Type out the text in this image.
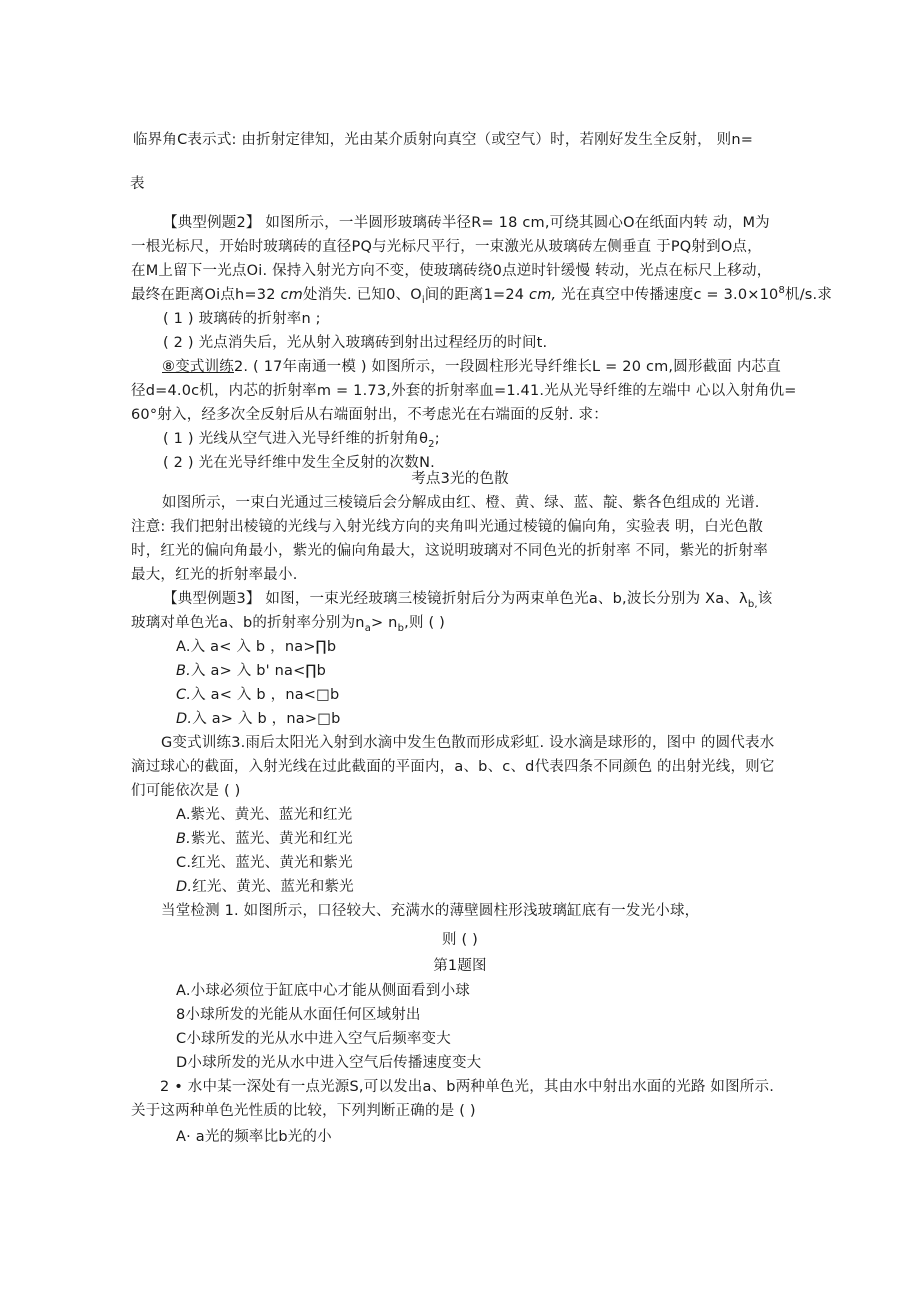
临界角C表示式: 由折射定律知，光由某介质射向真空（或空气）时，若刚好发生全反射， 则n=
表
【典型例题2】 如图所示，一半圆形玻璃砖半径R= 18 cm,可绕其圆心O在纸面内转 动，M为
一根光标尺，开始时玻璃砖的直径PQ与光标尺平行，一束激光从玻璃砖左侧垂直 于PQ射到O点，
在M上留下一光点Oi. 保持入射光方向不变，使玻璃砖绕0点逆时针缓慢 转动，光点在标尺上移动，
最终在距离Oi点h=32 cm处消失. 已知0、$O_i$间的距离1=24 cm, 光在真空中传播速度$c = 3.0\times 10^8$机/s.求
( 1 ) 玻璃砖的折射率n ;
( 2 ) 光点消失后，光从射入玻璃砖到射出过程经历的时间t.
⑧变式训练2. ( 17年南通一模 ) 如图所示，一段圆柱形光导纤维长L = 20 cm,圆形截面 内芯直
径d=4.0c机，内芯的折射率m = 1.73,外套的折射率血=1.41.光从光导纤维的左端中 心以入射角仇=
60°射入，经多次全反射后从右端面射出，不考虑光在右端面的反射. 求：
( 1 ) 光线从空气进入光导纤维的折射角$\theta_2$;
( 2 ) 光在光导纤维中发生全反射的次数N.
考点3光的色散
如图所示，一束白光通过三棱镜后会分解成由红、橙、黄、绿、蓝、靛、紫各色组成的 光谱.
注意: 我们把射出棱镜的光线与入射光线方向的夹角叫光通过棱镜的偏向角，实验表 明，白光色散
时，红光的偏向角最小，紫光的偏向角最大，这说明玻璃对不同色光的折射率 不同，紫光的折射率
最大，红光的折射率最小.
【典型例题3】 如图，一束光经玻璃三棱镜折射后分为两束单色光a、b,波长分别为 Xa、$\lambda_{b,}$该
玻璃对单色光a、b的折射率分别为$n_a> n_b$,则 ( )
A.入 a< 入 b ，na>∏b
B.入 a> 入 b' na<∏b
C.入 a< 入 b ，na<□b
D.入 a> 入 b ，na>□b
G变式训练3.雨后太阳光入射到水滴中发生色散而形成彩虹. 设水滴是球形的，图中 的圆代表水
滴过球心的截面，入射光线在过此截面的平面内，a、b、c、d代表四条不同颜色 的出射光线，则它
们可能依次是 ( )
A.紫光、黄光、蓝光和红光
B.紫光、蓝光、黄光和红光
C.红光、蓝光、黄光和紫光
D.红光、黄光、蓝光和紫光
当堂检测 1. 如图所示，口径较大、充满水的薄壁圆柱形浅玻璃缸底有一发光小球，
则 ( )
第1题图
A.小球必须位于缸底中心才能从侧面看到小球
8小球所发的光能从水面任何区域射出
C小球所发的光从水中进入空气后频率变大
D小球所发的光从水中进入空气后传播速度变大
2 • 水中某一深处有一点光源S,可以发出a、b两种单色光，其由水中射出水面的光路 如图所示.
关于这两种单色光性质的比较，下列判断正确的是 ( )
A· a光的频率比b光的小
